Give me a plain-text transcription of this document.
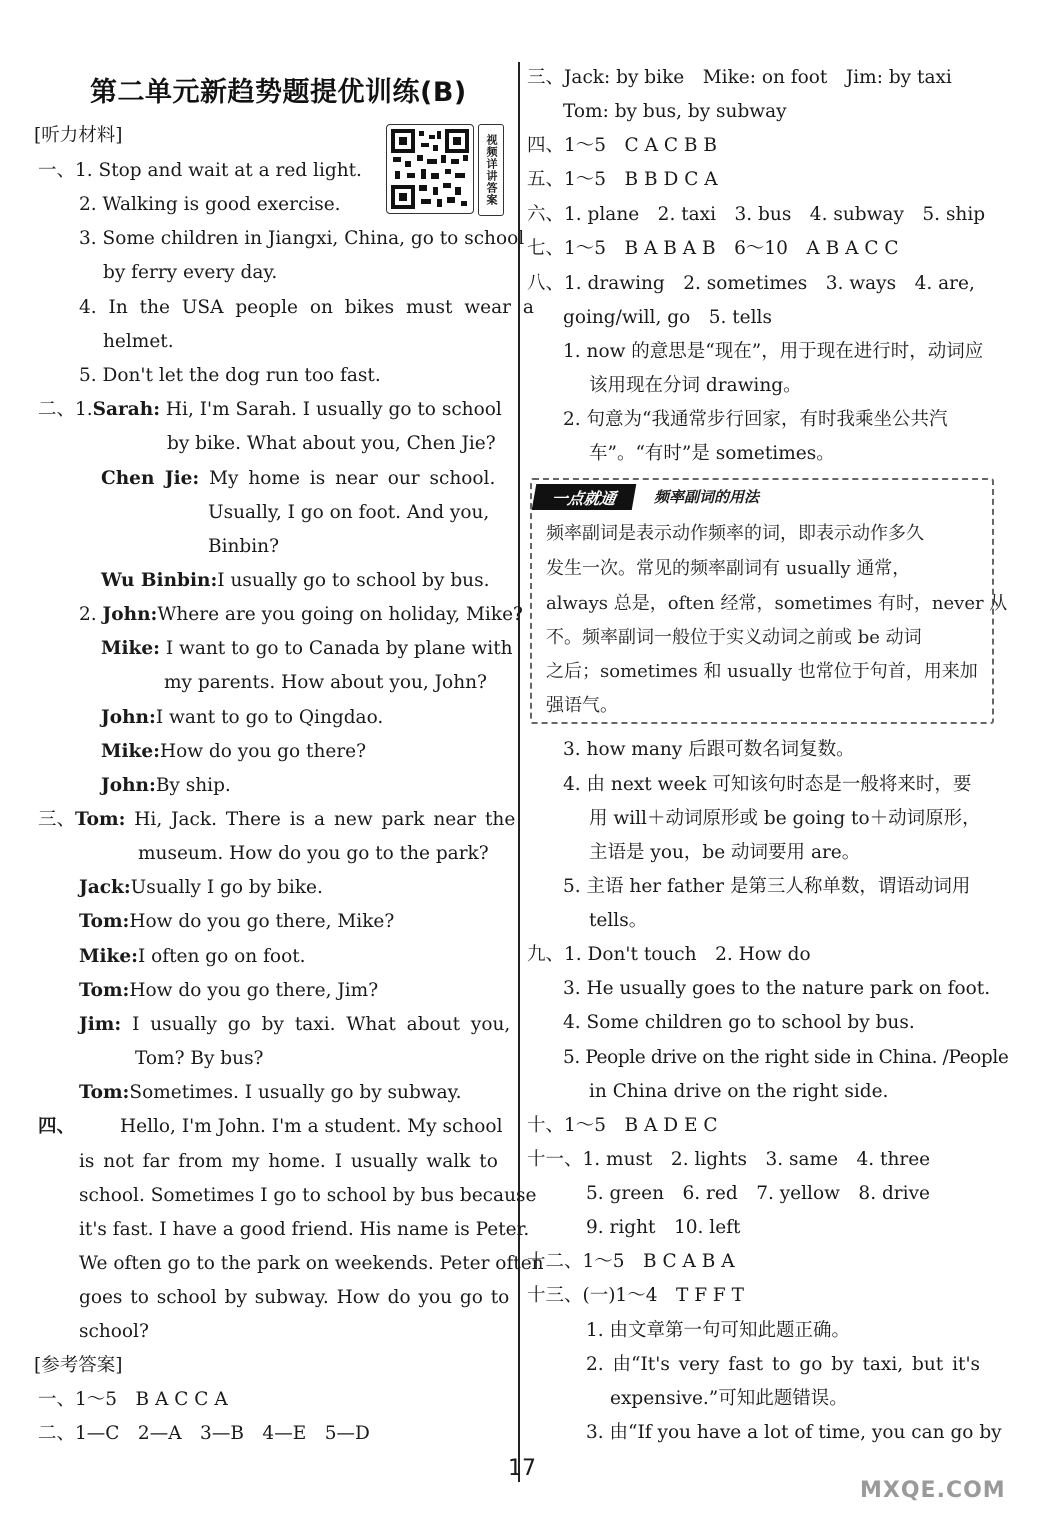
第二单元新趋势题提优训练(B)
视频详讲答案
[听力材料]
一、1. Stop and wait at a red light.
2. Walking is good exercise.
3. Some children in Jiangxi, China, go to school
by ferry every day.
4. In the USA people on bikes must wear a
helmet.
5. Don't let the dog run too fast.
二、1.Sarah: Hi, I'm Sarah. I usually go to school
by bike. What about you, Chen Jie?
Chen Jie: My home is near our school.
Usually, I go on foot. And you,
Binbin?
Wu Binbin:I usually go to school by bus.
2. John:Where are you going on holiday, Mike?
Mike: I want to go to Canada by plane with
my parents. How about you, John?
John:I want to go to Qingdao.
Mike:How do you go there?
John:By ship.
三、Tom: Hi, Jack. There is a new park near the
museum. How do you go to the park?
Jack:Usually I go by bike.
Tom:How do you go there, Mike?
Mike:I often go on foot.
Tom:How do you go there, Jim?
Jim: I usually go by taxi. What about you,
Tom? By bus?
Tom:Sometimes. I usually go by subway.
四、 Hello, I'm John. I'm a student. My school
is not far from my home. I usually walk to
school. Sometimes I go to school by bus because
it's fast. I have a good friend. His name is Peter.
We often go to the park on weekends. Peter often
goes to school by subway. How do you go to
school?
[参考答案]
一、1～5　B A C C A
二、1—C　2—A　3—B　4—E　5—D
三、Jack: by bike　Mike: on foot　Jim: by taxi
Tom: by bus, by subway
四、1～5　C A C B B
五、1～5　B B D C A
六、1. plane　2. taxi　3. bus　4. subway　5. ship
七、1～5　B A B A B　6～10　A B A C C
八、1. drawing　2. sometimes　3. ways　4. are,
going/will, go　5. tells
1. now 的意思是“现在”，用于现在进行时，动词应
该用现在分词 drawing。
2. 句意为“我通常步行回家，有时我乘坐公共汽
车”。“有时”是 sometimes。
一点就通	频率副词的用法
频率副词是表示动作频率的词，即表示动作多久
发生一次。常见的频率副词有 usually 通常，
always 总是，often 经常，sometimes 有时，never 从
不。频率副词一般位于实义动词之前或 be 动词
之后；sometimes 和 usually 也常位于句首，用来加
强语气。
3. how many 后跟可数名词复数。
4. 由 next week 可知该句时态是一般将来时，要
用 will＋动词原形或 be going to＋动词原形，
主语是 you，be 动词要用 are。
5. 主语 her father 是第三人称单数，谓语动词用
tells。
九、1. Don't touch　2. How do
3. He usually goes to the nature park on foot.
4. Some children go to school by bus.
5. People drive on the right side in China. /People
in China drive on the right side.
十、1～5　B A D E C
十一、1. must　2. lights　3. same　4. three
5. green　6. red　7. yellow　8. drive
9. right　10. left
十二、1～5　B C A B A
十三、(一)1～4　T F F T
1. 由文章第一句可知此题正确。
2. 由“It's very fast to go by taxi, but it's
expensive.”可知此题错误。
3. 由“If you have a lot of time, you can go by
17
MXQE.COM
